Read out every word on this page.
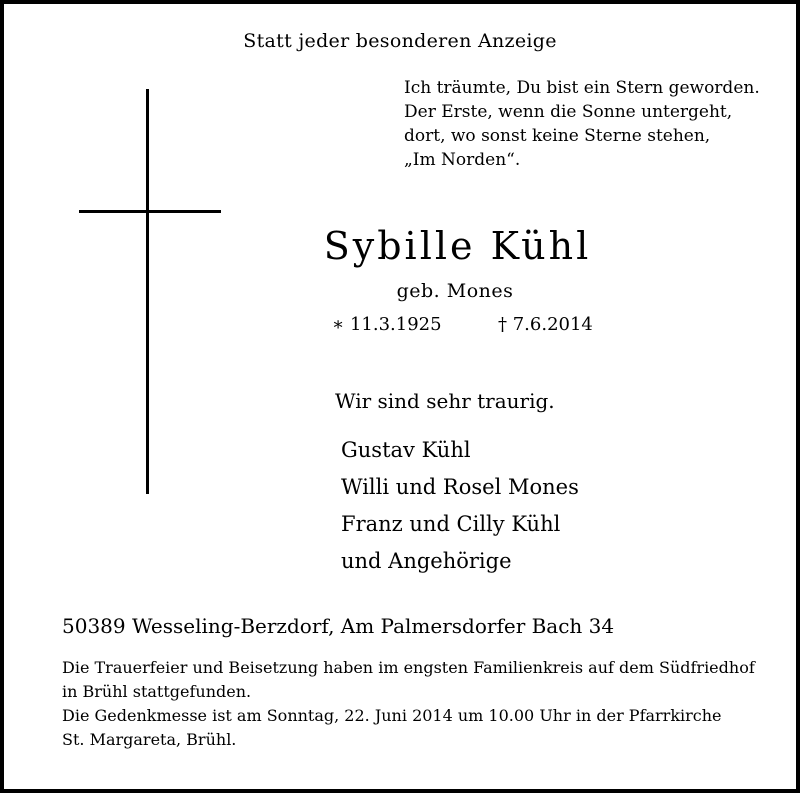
Statt jeder besonderen Anzeige
Ich träumte, Du bist ein Stern geworden.
Der Erste, wenn die Sonne untergeht,
dort, wo sonst keine Sterne stehen,
„Im Norden“.
Sybille Kühl
geb. Mones
∗ 11.3.1925	† 7.6.2014
Wir sind sehr traurig.
Gustav Kühl
Willi und Rosel Mones
Franz und Cilly Kühl
und Angehörige
50389 Wesseling-Berzdorf, Am Palmersdorfer Bach 34
Die Trauerfeier und Beisetzung haben im engsten Familienkreis auf dem Südfriedhof
in Brühl stattgefunden.
Die Gedenkmesse ist am Sonntag, 22. Juni 2014 um 10.00 Uhr in der Pfarrkirche
St. Margareta, Brühl.
